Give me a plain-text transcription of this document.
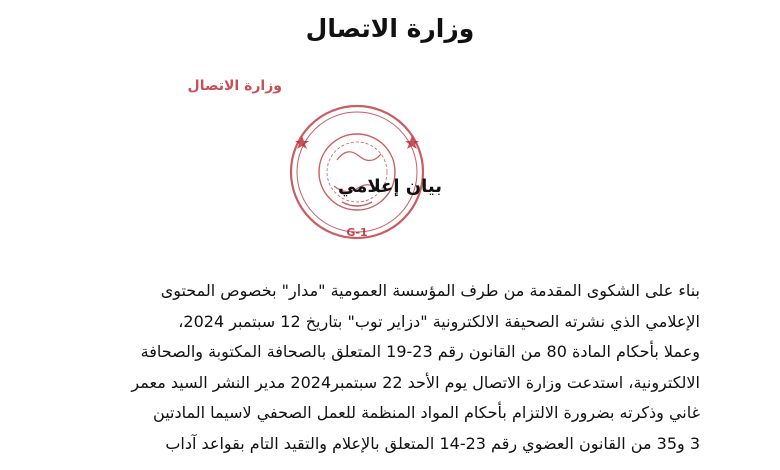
وزارة الاتصال
وزارة الاتصال
G-1
بيان إعلامي

بناء على الشكوى المقدمة من طرف المؤسسة العمومية "مدار" بخصوص المحتوى

الإعلامي الذي نشرته الصحيفة الالكترونية "دزاير توب" بتاريخ 12 سبتمبر 2024،

وعملا بأحكام المادة 80 من القانون رقم 23-19 المتعلق بالصحافة المكتوبة والصحافة

الالكترونية، استدعت وزارة الاتصال يوم الأحد 22 سبتمبر2024 مدير النشر السيد معمر

غاني وذكرته بضرورة الالتزام بأحكام المواد المنظمة للعمل الصحفي لاسيما المادتين

3 و35 من القانون العضوي رقم 23-14 المتعلق بالإعلام والتقيد التام بقواعد آداب
